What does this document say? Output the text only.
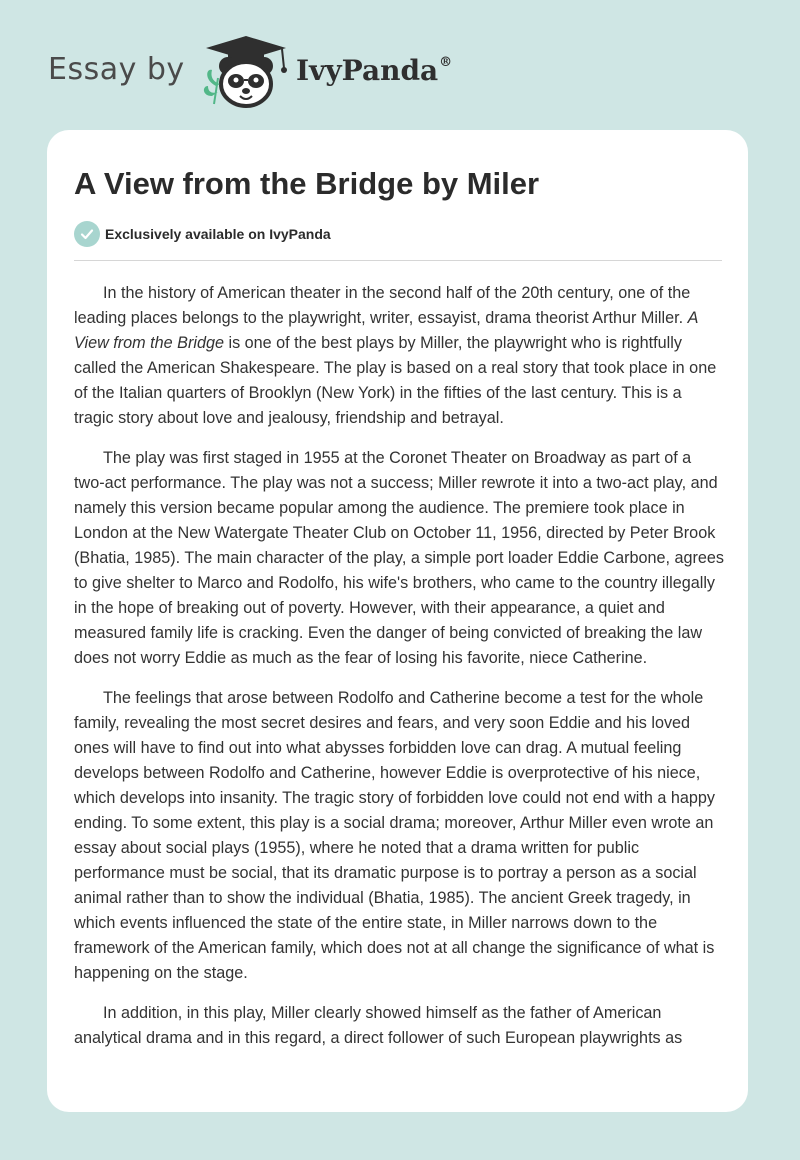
Essay by	IvyPanda®
A View from the Bridge by Miler
Exclusively available on IvyPanda

In the history of American theater in the second half of the 20th century, one of the leading places belongs to the playwright, writer, essayist, drama theorist Arthur Miller. A View from the Bridge is one of the best plays by Miller, the playwright who is rightfully called the American Shakespeare. The play is based on a real story that took place in one of the Italian quarters of Brooklyn (New York) in the fifties of the last century. This is a tragic story about love and jealousy, friendship and betrayal.

The play was first staged in 1955 at the Coronet Theater on Broadway as part of a two-act performance. The play was not a success; Miller rewrote it into a two-act play, and namely this version became popular among the audience. The premiere took place in London at the New Watergate Theater Club on October 11, 1956, directed by Peter Brook (Bhatia, 1985). The main character of the play, a simple port loader Eddie Carbone, agrees to give shelter to Marco and Rodolfo, his wife's brothers, who came to the country illegally in the hope of breaking out of poverty. However, with their appearance, a quiet and measured family life is cracking. Even the danger of being convicted of breaking the law does not worry Eddie as much as the fear of losing his favorite, niece Catherine.

The feelings that arose between Rodolfo and Catherine become a test for the whole family, revealing the most secret desires and fears, and very soon Eddie and his loved ones will have to find out into what abysses forbidden love can drag. A mutual feeling develops between Rodolfo and Catherine, however Eddie is overprotective of his niece, which develops into insanity. The tragic story of forbidden love could not end with a happy ending. To some extent, this play is a social drama; moreover, Arthur Miller even wrote an essay about social plays (1955), where he noted that a drama written for public performance must be social, that its dramatic purpose is to portray a person as a social animal rather than to show the individual (Bhatia, 1985). The ancient Greek tragedy, in which events influenced the state of the entire state, in Miller narrows down to the framework of the American family, which does not at all change the significance of what is happening on the stage.

In addition, in this play, Miller clearly showed himself as the father of American analytical drama and in this regard, a direct follower of such European playwrights as
